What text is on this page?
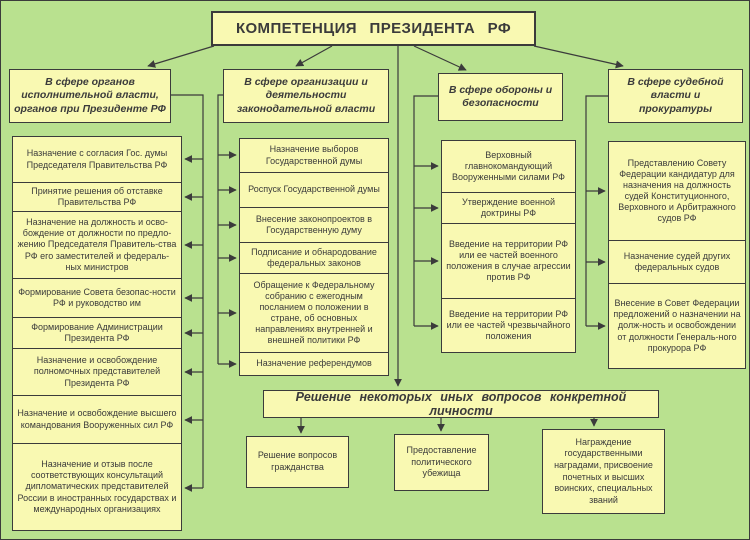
КОМПЕТЕНЦИЯ ПРЕЗИДЕНТА РФ
В сфере органов исполнительной власти, органов при Президенте РФ
В сфере организации и деятельности законодательной власти
В сфере обороны и безопасности
В сфере судебной власти и прокуратуры
Назначение с согласия Гос. думы Председателя Правительства РФ
Принятие решения об отставке Правительства РФ
Назначение на должность и осво-бождение от должности по предло-жению Председателя Правитель-ства РФ его заместителей и федераль-ных министров
Формирование Совета безопас-ности РФ и руководство им
Формирование Администрации Президента РФ
Назначение и освобождение полномочных представителей Президента РФ
Назначение и освобождение высшего командования Вооруженных сил РФ
Назначение и отзыв после соответствующих консультаций дипломатических представителей России в иностранных государствах и международных организациях
Назначение выборов Государственной думы
Роспуск Государственной думы
Внесение законопроектов в Государственную думу
Подписание и обнародование федеральных законов
Обращение к Федеральному собранию с ежегодным посланием о положении в стране, об основных направлениях внутренней и внешней политики РФ
Назначение референдумов
Верховный главнокомандующий Вооруженными силами РФ
Утверждение военной доктрины РФ
Введение на территории РФ или ее частей военного положения в случае агрессии против РФ
Введение на территории РФ или ее частей чрезвычайного положения
Представлению Совету Федерации кандидатур для назначения на должность судей Конституционного, Верховного и Арбитражного судов РФ
Назначение судей других федеральных судов
Внесение в Совет Федерации предложений о назначении на долж-ность и освобождении от должности Генераль-ного прокурора РФ
Решение некоторых иных вопросов конкретной личности
Решение вопросов гражданства
Предоставление политического убежища
Награждение государственными наградами, присвоение почетных и высших воинских, специальных званий
